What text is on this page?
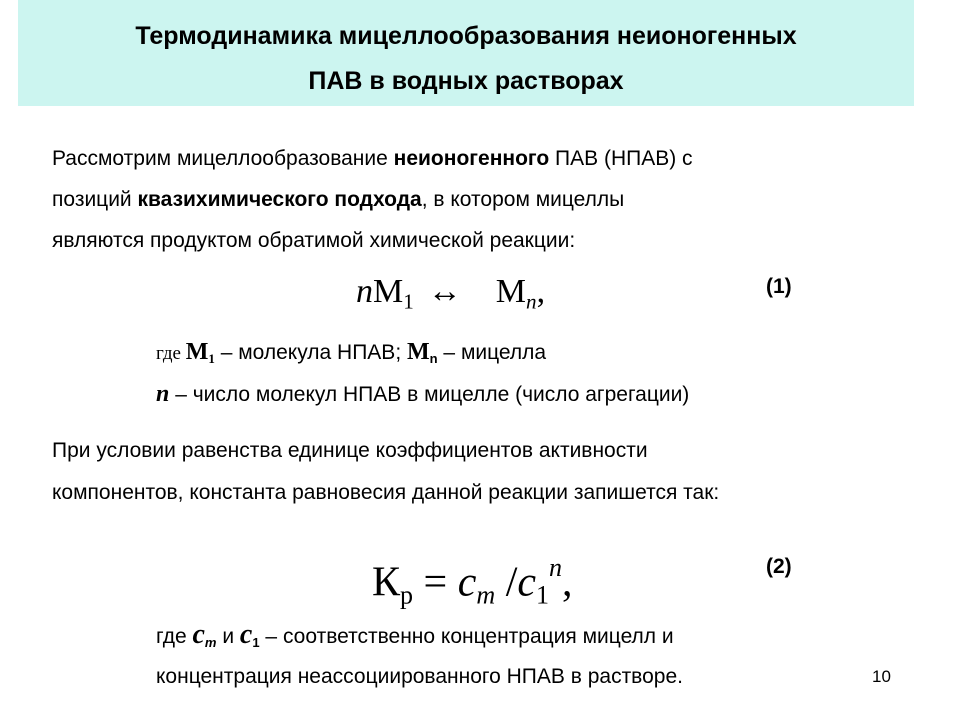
Термодинамика мицеллообразования неионогенных
ПАВ в водных растворах
Рассмотрим мицеллообразование неионогенного ПАВ (НПАВ) с
позиций квазихимического подхода, в котором мицеллы
являются продуктом обратимой химической реакции:
$nM_1$ ↔ $M_n$,	(1)
где $M_1$ – молекула НПАВ; $M_n$ – мицелла
n – число молекул НПАВ в мицелле (число агрегации)
При условии равенства единице коэффициентов активности
компонентов, константа равновесия данной реакции запишется так:
$К_p = c_m$ $/c_1^n$,	(2)
где $c_m$ и $c_1$ – соответственно концентрация мицелл и
концентрация неассоциированного НПАВ в растворе.	10
